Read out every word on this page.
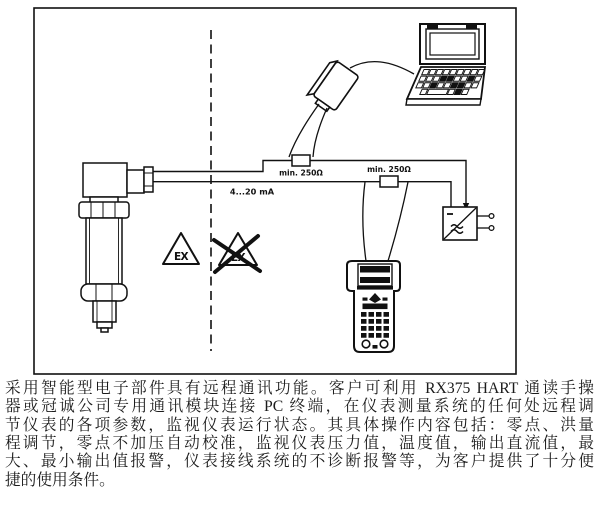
min. 250Ω	min. 250Ω
4...20 mA
EX
采用智能型电子部件具有远程通讯功能。客户可利用 RX375 HART 通读手操
器或冠诚公司专用通讯模块连接 PC 终端，在仪表测量系统的任何处远程调
节仪表的各项参数，监视仪表运行状态。其具体操作内容包括：零点、洪量
程调节，零点不加压自动校准，监视仪表压力值，温度值，输出直流值，最
大、最小输出值报警，仪表接线系统的不诊断报警等，为客户提供了十分便
捷的使用条件。
